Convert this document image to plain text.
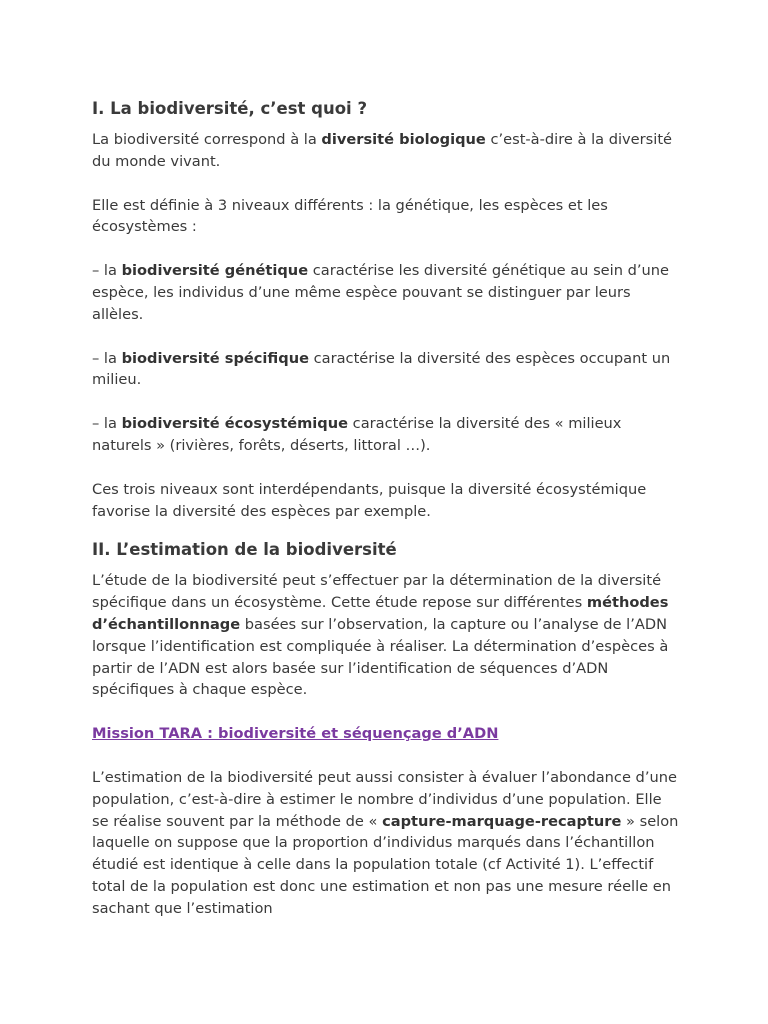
I. La biodiversité, c’est quoi ?

La biodiversité correspond à la diversité biologique c’est-à-dire à la diversité du monde vivant.

Elle est définie à 3 niveaux différents : la génétique, les espèces et les écosystèmes :

– la biodiversité génétique caractérise les diversité génétique au sein d’une espèce, les individus d’une même espèce pouvant se distinguer par leurs allèles.

– la biodiversité spécifique caractérise la diversité des espèces occupant un milieu.

– la biodiversité écosystémique caractérise la diversité des « milieux naturels » (rivières, forêts, déserts, littoral …).

Ces trois niveaux sont interdépendants, puisque la diversité écosystémique favorise la diversité des espèces par exemple.

II. L’estimation de la biodiversité

L’étude de la biodiversité peut s’effectuer par la détermination de la diversité spécifique dans un écosystème. Cette étude repose sur différentes méthodes d’échantillonnage basées sur l’observation, la capture ou l’analyse de l’ADN lorsque l’identification est compliquée à réaliser. La détermination d’espèces à partir de l’ADN est alors basée sur l’identification de séquences d’ADN spécifiques à chaque espèce.

Mission TARA : biodiversité et séquençage d’ADN

L’estimation de la biodiversité peut aussi consister à évaluer l’abondance d’une population, c’est-à-dire à estimer le nombre d’individus d’une population. Elle se réalise souvent par la méthode de « capture-marquage-recapture » selon laquelle on suppose que la proportion d’individus marqués dans l’échantillon étudié est identique à celle dans la population totale (cf Activité 1). L’effectif total de la population est donc une estimation et non pas une mesure réelle en sachant que l’estimation
